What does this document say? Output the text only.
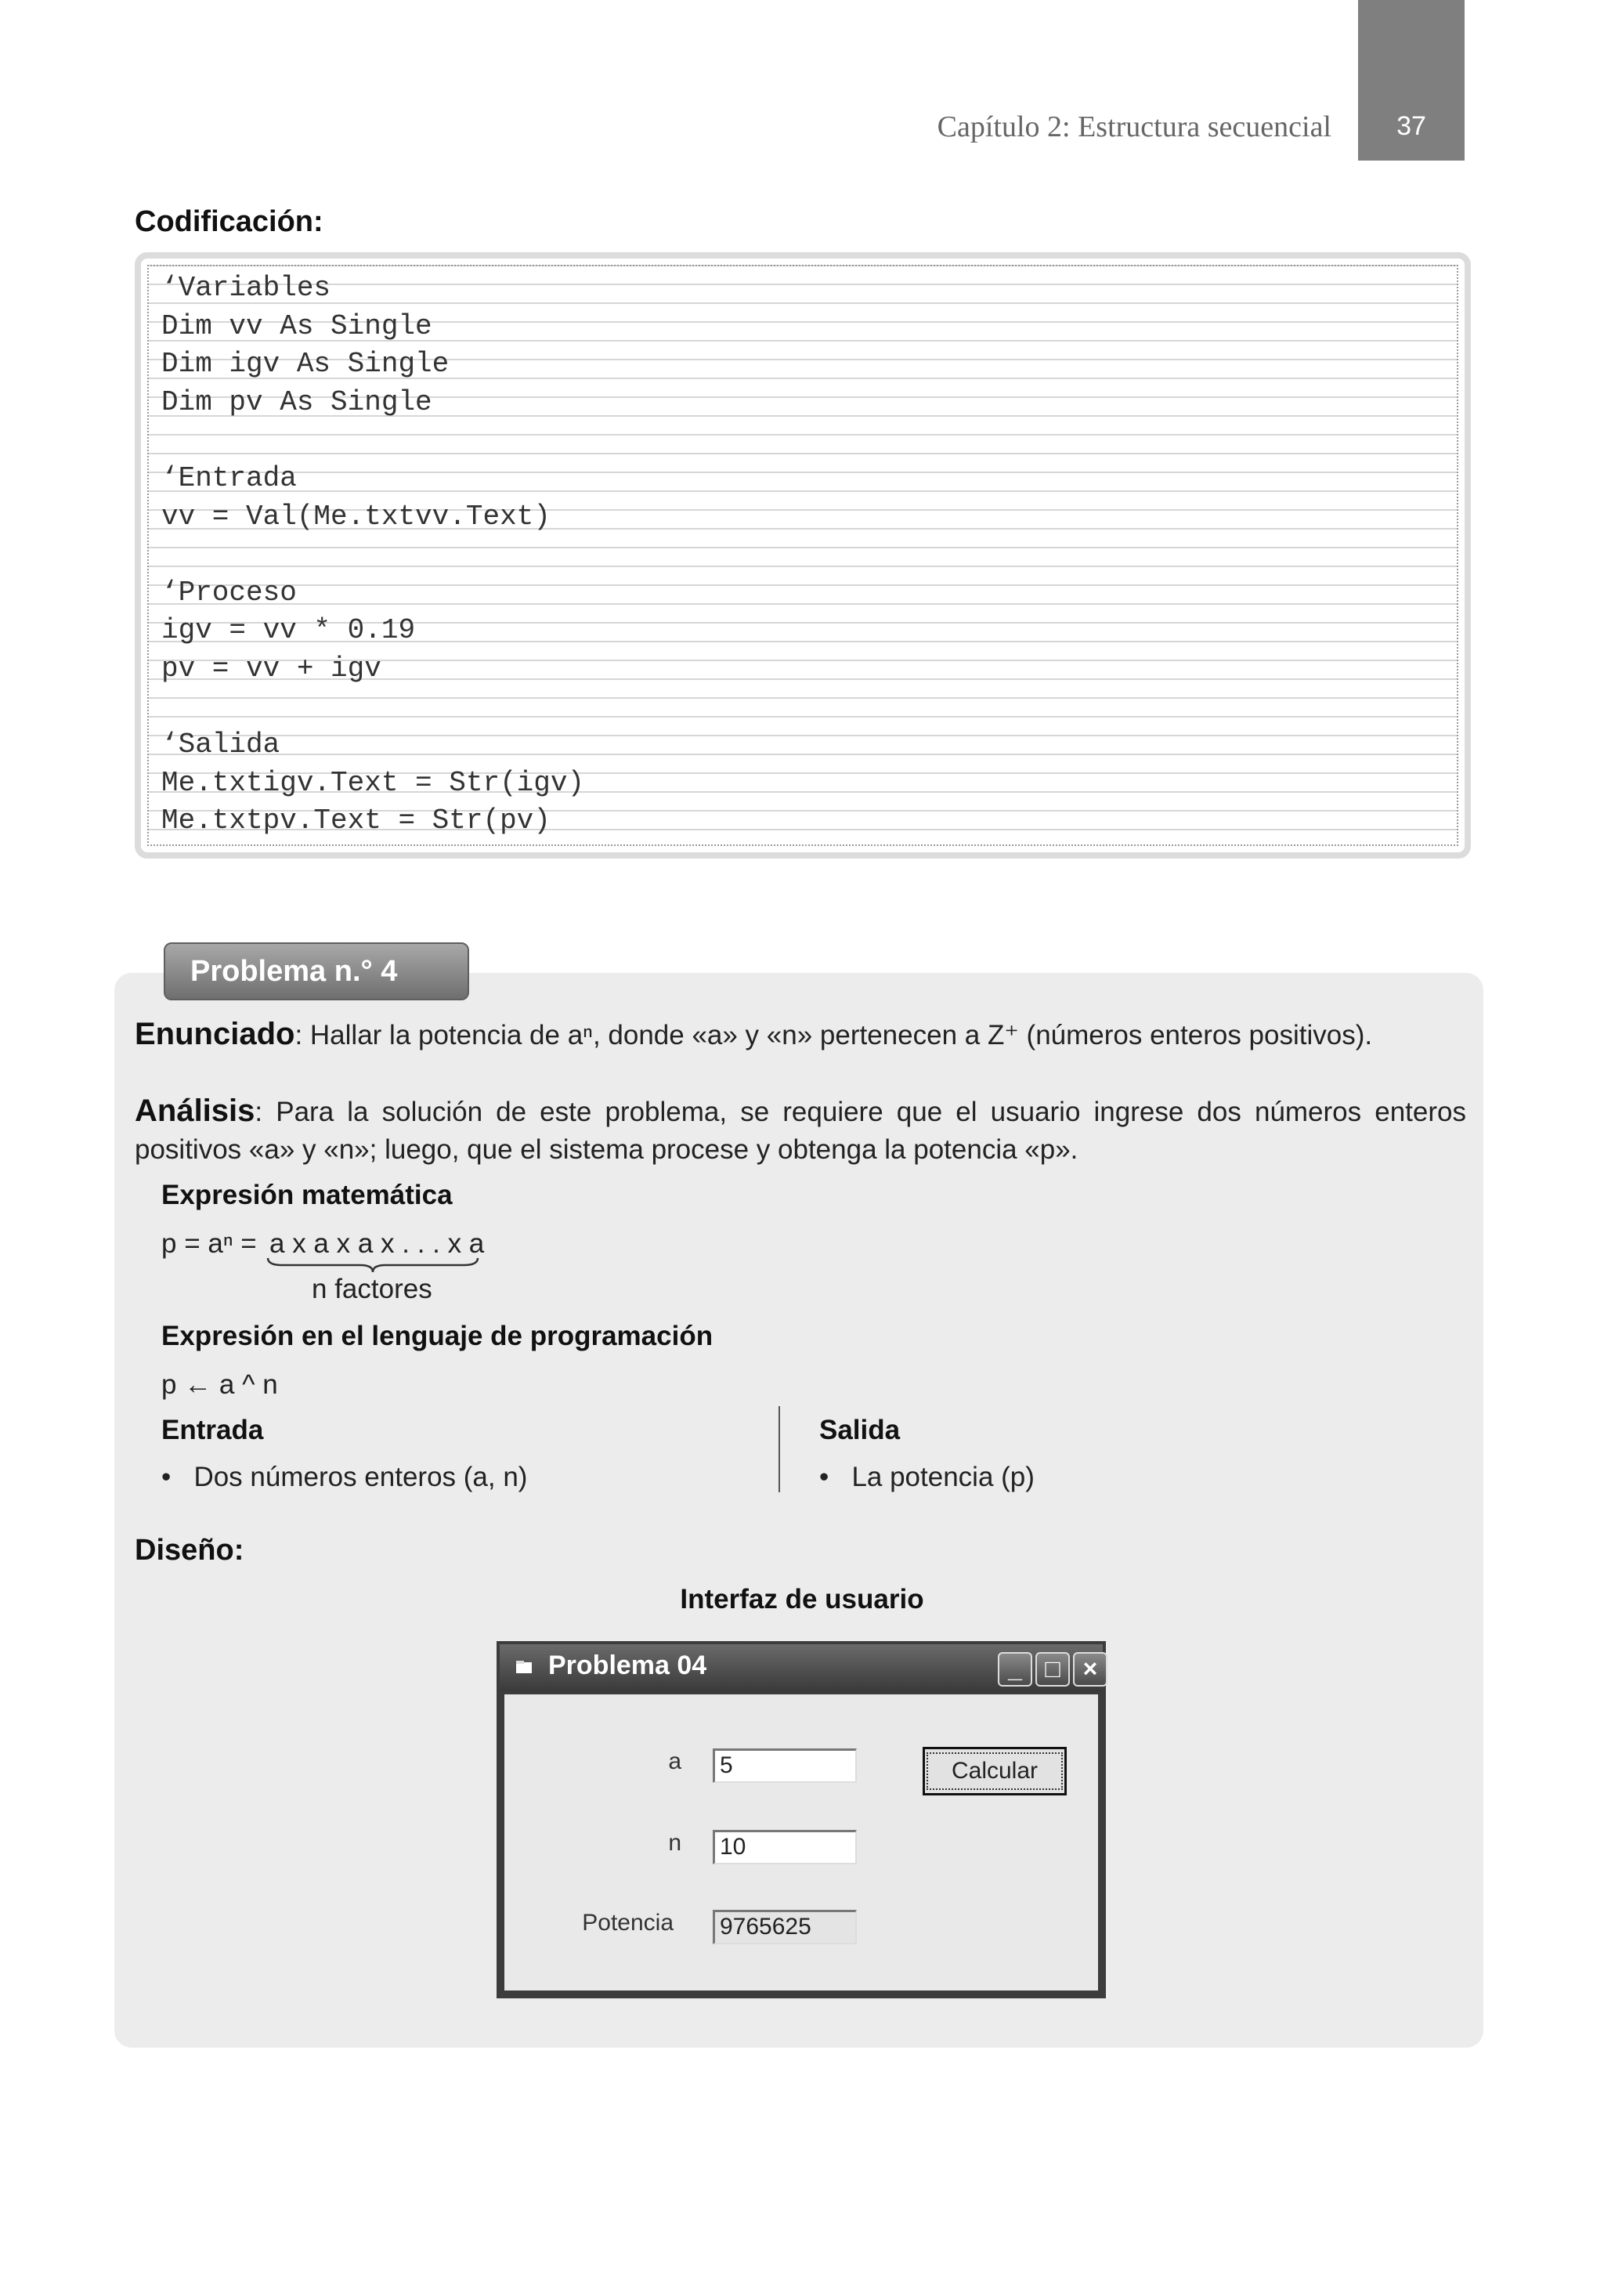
Capítulo 2: Estructura secuencial	37
Codificación:
‘Variables
Dim vv As Single
Dim igv As Single
Dim pv As Single
‘Entrada
vv = Val(Me.txtvv.Text)
‘Proceso
igv = vv * 0.19
pv = vv + igv
‘Salida
Me.txtigv.Text = Str(igv)
Me.txtpv.Text = Str(pv)
Problema n.° 4
Enunciado: Hallar la potencia de aⁿ, donde «a» y «n» pertenecen a Z⁺ (números enteros positivos).
Análisis: Para la solución de este problema, se requiere que el usuario ingrese dos números enteros positivos «a» y «n»; luego, que el sistema procese y obtenga la potencia «p».
Expresión matemática
p = aⁿ = a x a x a x . . . x a
n factores
Expresión en el lenguaje de programación
p ← a ^ n
Entrada
•   Dos números enteros (a, n)
Salida
•   La potencia (p)
Diseño:
Interfaz de usuario
Problema 04	_ □ ×
a	5
n	10
Potencia	9765625
Calcular
